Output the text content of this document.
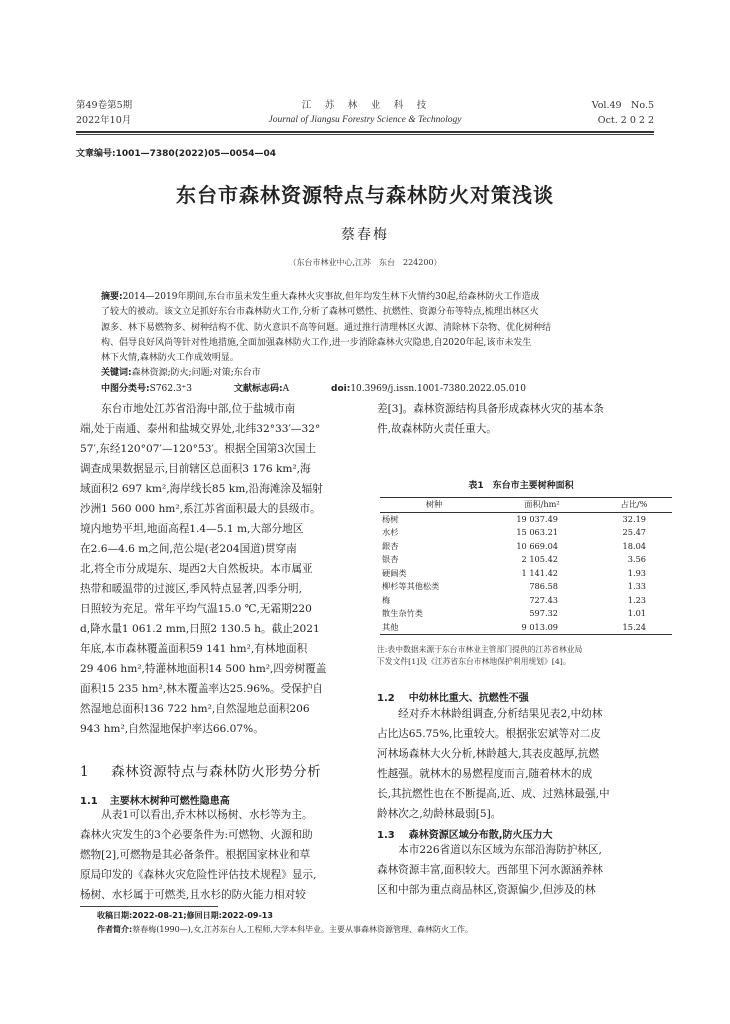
第49卷第5期
2022年10月
江　苏　林　业　科　技
Journal of Jiangsu Forestry Science & Technology
Vol.49　No.5
Oct. 2 0 2 2
文章编号:1001—7380(2022)05—0054—04
东台市森林资源特点与森林防火对策浅谈
蔡春梅
（东台市林业中心,江苏　东台　224200）
摘要:2014—2019年期间,东台市虽未发生重大森林火灾事故,但年均发生林下火情约30起,给森林防火工作造成
了较大的被动。该文立足抓好东台市森林防火工作,分析了森林可燃性、抗燃性、资源分布等特点,梳理出林区火
源多、林下易燃物多、树种结构不优、防火意识不高等问题。通过推行清理林区火源、清除林下杂物、优化树种结
构、倡导良好风尚等针对性地措施,全面加强森林防火工作,进一步消除森林火灾隐患,自2020年起,该市未发生
林下火情,森林防火工作成效明显。
关键词:森林资源;防火;问题;对策;东台市
中图分类号:S762.3⁺3	文献标志码:A	doi:10.3969/j.issn.1001-7380.2022.05.010
　　东台市地处江苏省沿海中部,位于盐城市南
端,处于南通、泰州和盐城交界处,北纬32°33′—32°
57′,东经120°07′—120°53′。根据全国第3次国土
调查成果数据显示,目前辖区总面积3 176 km²,海
域面积2 697 km²,海岸线长85 km,沿海滩涂及辐射
沙洲1 560 000 hm²,系江苏省面积最大的县级市。
境内地势平坦,地面高程1.4—5.1 m,大部分地区
在2.6—4.6 m之间,范公堤(老204国道)贯穿南
北,将全市分成堤东、堤西2大自然板块。本市属亚
热带和暖温带的过渡区,季风特点显著,四季分明,
日照较为充足。常年平均气温15.0 ℃,无霜期220
d,降水量1 061.2 mm,日照2 130.5 h。截止2021
年底,本市森林覆盖面积59 141 hm²,有林地面积
29 406 hm²,特灌林地面积14 500 hm²,四旁树覆盖
面积15 235 hm²,林木覆盖率达25.96%。受保护自
然湿地总面积136 722 hm²,自然湿地总面积206
943 hm²,自然湿地保护率达66.07%。
1 森林资源特点与森林防火形势分析
1.1 主要林木树种可燃性隐患高
　　从表1可以看出,乔木林以杨树、水杉等为主。
森林火灾发生的3个必要条件为:可燃物、火源和助
燃物[2],可燃物是其必备条件。根据国家林业和草
原局印发的《森林火灾危险性评估技术规程》显示,
杨树、水杉属于可燃类,且水杉的防火能力相对较
差[3]。森林资源结构具备形成森林火灾的基本条
件,故森林防火责任重大。
表1　东台市主要树种面积
树种	面积/hm²	占比/%
杨树	19 037.49	32.19
水杉	15 063.21	25.47
銀杏	10 669.04	18.04
银杏	2 105.42	3.56
硬阔类	1 141.42	1.93
柳杉等其他松类	786.58	1.33
梅	727.43	1.23
散生杂竹类	597.32	1.01
其他	9 013.09	15.24
注:表中数据来源于东台市林业主管部门提供的江苏省林业局
下发文件[1]及《江苏省东台市林地保护利用规划》[4]。
1.2 中幼林比重大、抗燃性不强
　　经对乔木林龄组调查,分析结果见表2,中幼林
占比达65.75%,比重较大。根据张宏斌等对二皮
河林场森林大火分析,林龄越大,其表皮越厚,抗燃
性越强。就林木的易燃程度而言,随着林木的成
长,其抗燃性也在不断提高,近、成、过熟林最强,中
龄林次之,幼龄林最弱[5]。
1.3 森林资源区域分布散,防火压力大
　　本市226省道以东区域为东部沿海防护林区,
森林资源丰富,面积较大。西部里下河水源涵养林
区和中部为重点商品林区,资源偏少,但涉及的林
收稿日期:2022-08-21;修回日期:2022-09-13
作者简介:蔡春梅(1990—),女,江苏东台人,工程师,大学本科毕业。主要从事森林资源管理、森林防火工作。
